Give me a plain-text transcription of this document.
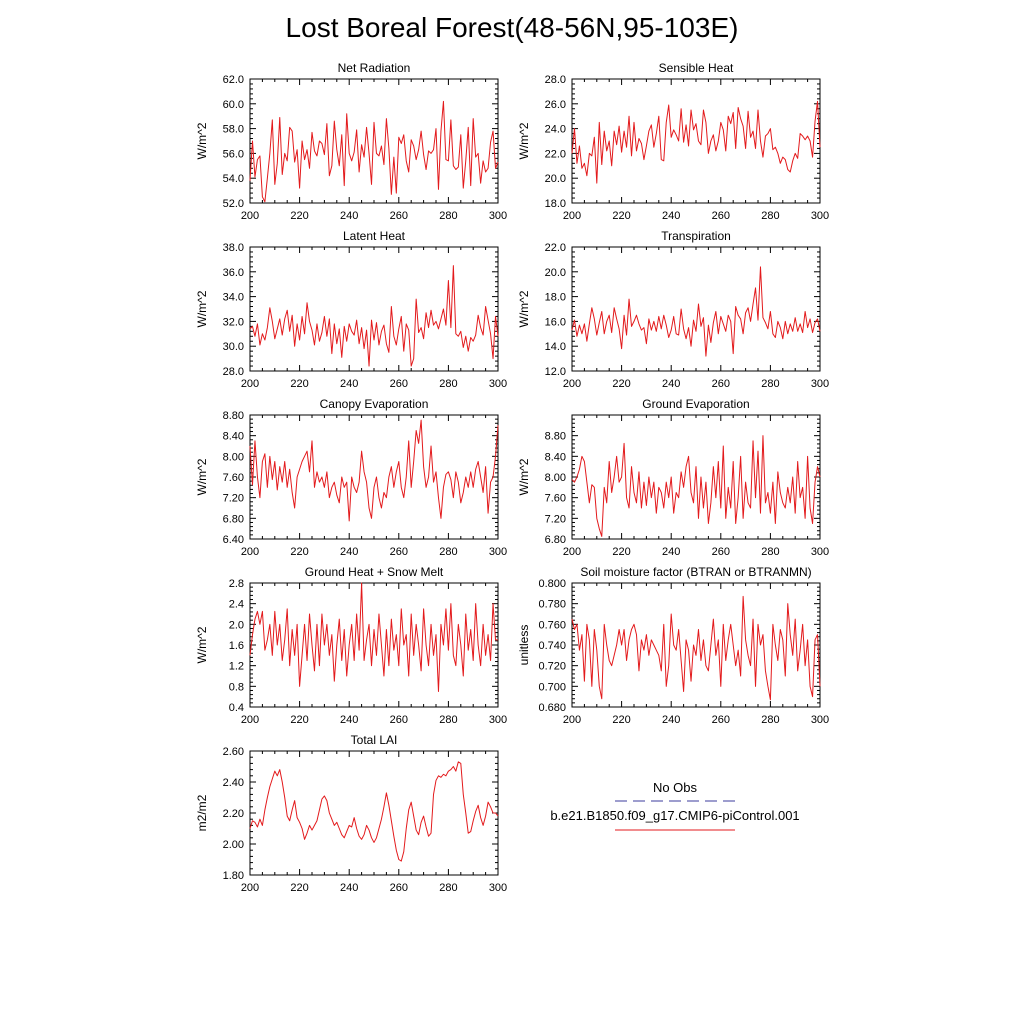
Lost Boreal Forest(48-56N,95-103E)
No Obs
b.e21.B1850.f09_g17.CMIP6-piControl.001
Net Radiation
W/m^2
200	220	240	260	280	300
52.0
54.0
56.0
58.0
60.0
62.0
Sensible Heat
W/m^2
200	220	240	260	280	300
18.0
20.0
22.0
24.0
26.0
28.0
Latent Heat
W/m^2
200	220	240	260	280	300
28.0
30.0
32.0
34.0
36.0
38.0
Transpiration
W/m^2
200	220	240	260	280	300
12.0
14.0
16.0
18.0
20.0
22.0
Canopy Evaporation
W/m^2
200	220	240	260	280	300
6.40
6.80
7.20
7.60
8.00
8.40
8.80
Ground Evaporation
W/m^2
200	220	240	260	280	300
6.80
7.20
7.60
8.00
8.40
8.80
Ground Heat + Snow Melt
W/m^2
200	220	240	260	280	300
0.4
0.8
1.2
1.6
2.0
2.4
2.8
Soil moisture factor (BTRAN or BTRANMN)
unitless
200	220	240	260	280	300
0.680
0.700
0.720
0.740
0.760
0.780
0.800
Total LAI
m2/m2
200	220	240	260	280	300
1.80
2.00
2.20
2.40
2.60
